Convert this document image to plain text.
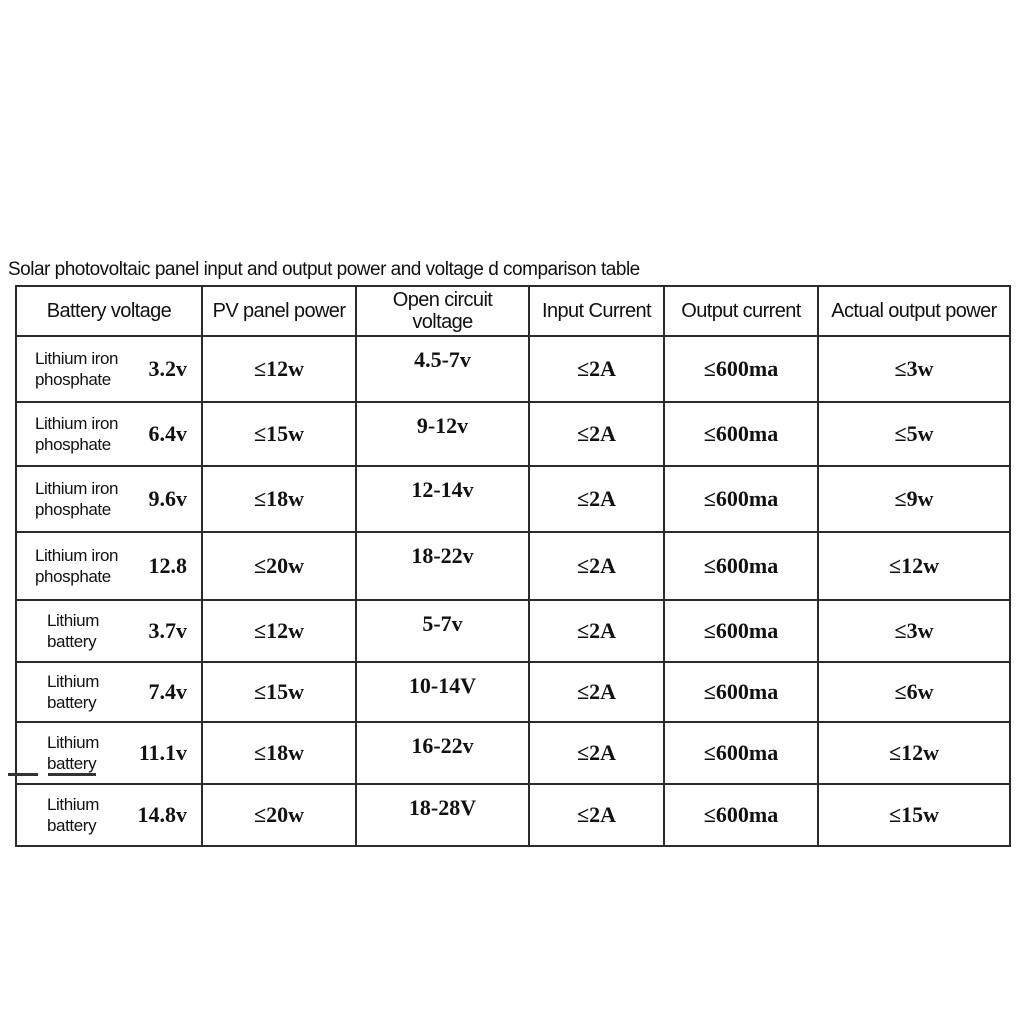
Solar photovoltaic panel input and output power and voltage d comparison table
Battery voltage	PV panel power	Open circuit voltage	Input Current	Output current	Actual output power

Lithium iron
phosphate 3.2v	≤12w	4.5-7v	≤2A	≤600ma	≤3w

Lithium iron
phosphate 6.4v	≤15w	9-12v	≤2A	≤600ma	≤5w

Lithium iron
phosphate 9.6v	≤18w	12-14v	≤2A	≤600ma	≤9w

Lithium iron
phosphate 12.8	≤20w	18-22v	≤2A	≤600ma	≤12w

Lithium
battery 3.7v	≤12w	5-7v	≤2A	≤600ma	≤3w

Lithium
battery 7.4v	≤15w	10-14V	≤2A	≤600ma	≤6w

Lithium
battery 11.1v	≤18w	16-22v	≤2A	≤600ma	≤12w

Lithium
battery 14.8v	≤20w	18-28V	≤2A	≤600ma	≤15w
